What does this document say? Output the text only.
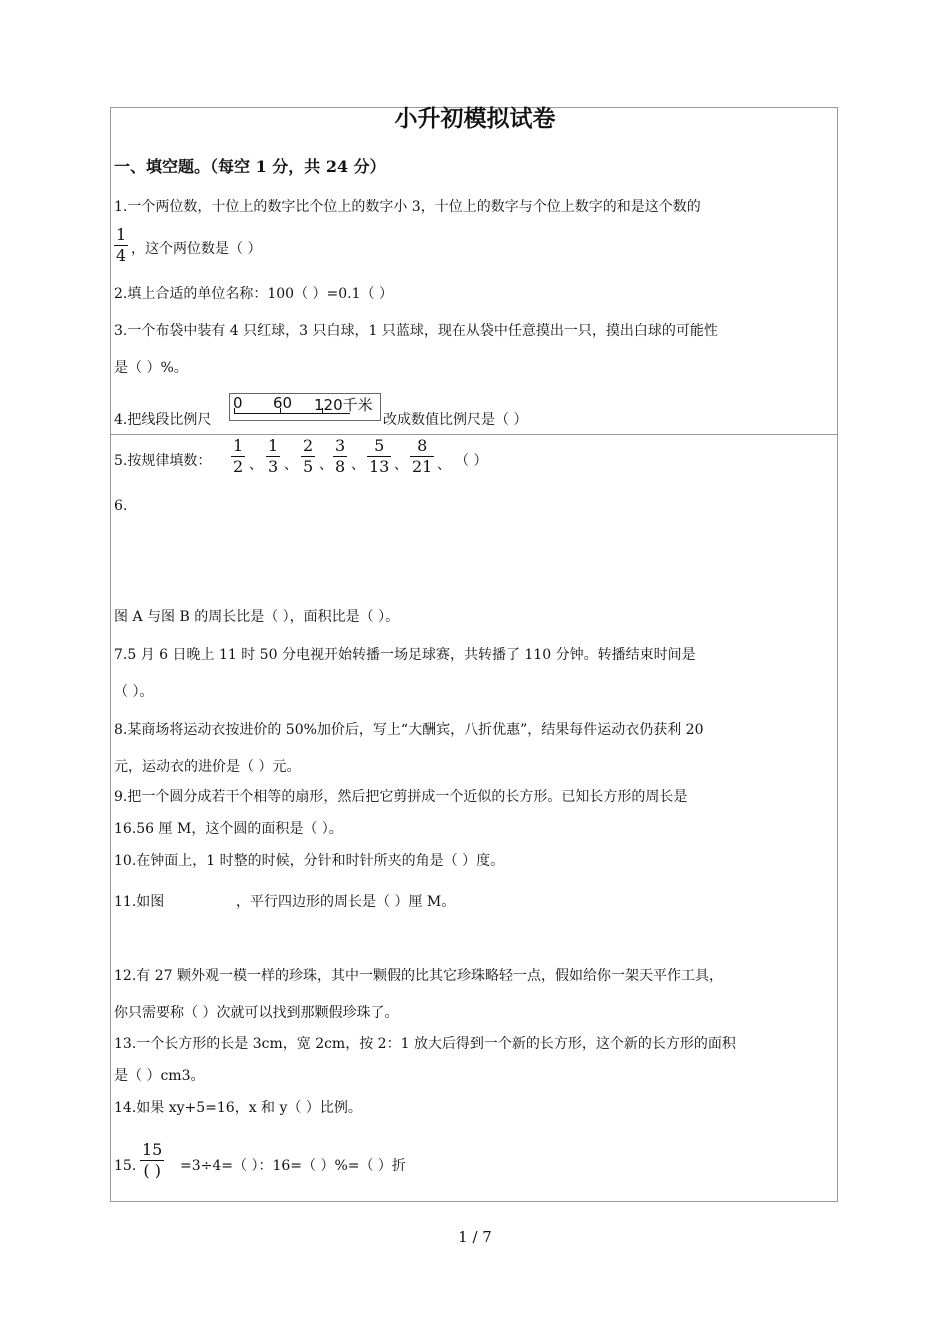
小升初模拟试卷
一、填空题。（每空 1 分，共 24 分）
1.一个两位数，十位上的数字比个位上的数字小 3，十位上的数字与个位上数字的和是这个数的
1
4 ，这个两位数是（ ）
2.填上合适的单位名称：100（ ）=0.1（ ）
3.一个布袋中装有 4 只红球，3 只白球，1 只蓝球，现在从袋中任意摸出一只，摸出白球的可能性
是（ ）%。
4.把线段比例尺
0 60 120千米
改成数值比例尺是（ ）
5.按规律填数：
1
2 、
1
3 、
2
5 、
3
8 、
5
13 、
8
21 、 （ ）
6.
图 A 与图 B 的周长比是（ ），面积比是（ ）。
7.5 月 6 日晚上 11 时 50 分电视开始转播一场足球赛，共转播了 110 分钟。转播结束时间是
（ ）。
8.某商场将运动衣按进价的 50%加价后，写上“大酬宾，八折优惠”，结果每件运动衣仍获利 20
元，运动衣的进价是（ ）元。
9.把一个圆分成若干个相等的扇形，然后把它剪拼成一个近似的长方形。已知长方形的周长是
16.56 厘 M，这个圆的面积是（ ）。
10.在钟面上，1 时整的时候，分针和时针所夹的角是（ ）度。
11.如图	，平行四边形的周长是（ ）厘 M。
12.有 27 颗外观一模一样的珍珠，其中一颗假的比其它珍珠略轻一点，假如给你一架天平作工具，
你只需要称（ ）次就可以找到那颗假珍珠了。
13.一个长方形的长是 3cm，宽 2cm，按 2：1 放大后得到一个新的长方形，这个新的长方形的面积
是（ ）cm3。
14.如果 xy+5=16，x 和 y（ ）比例。
15.
15
( ) =3÷4=（ ）：16=（ ）%=（ ）折
1 / 7
